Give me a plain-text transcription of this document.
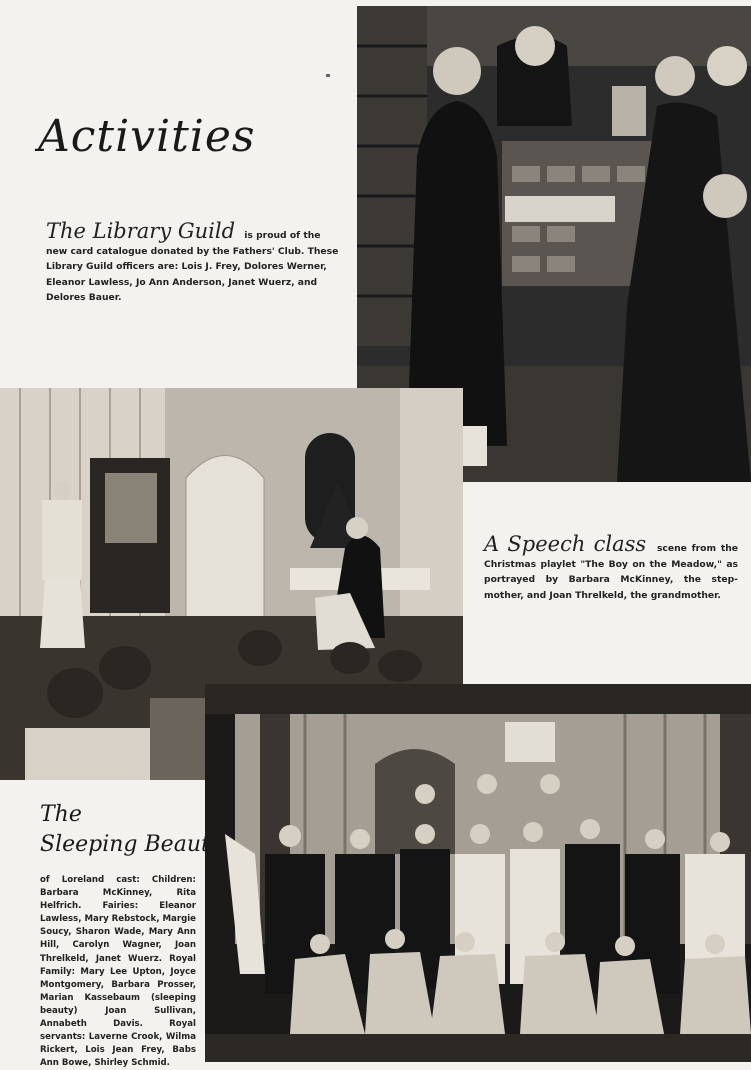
Activities
The Library Guild is proud of the new card catalogue donated by the Fathers' Club. These Library Guild officers are: Lois J. Frey, Dolores Werner, Eleanor Lawless, Jo Ann Anderson, Janet Wuerz, and Delores Bauer.
A Speech class scene from the Christmas playlet "The Boy on the Meadow," as portrayed by Barbara McKinney, the step-mother, and Joan Threlkeld, the grandmother.
The
Sleeping Beauty
of Loreland cast: Children: Barbara McKinney, Rita Helfrich. Fairies: Eleanor Lawless, Mary Rebstock, Margie Soucy, Sharon Wade, Mary Ann Hill, Carolyn Wagner, Joan Threlkeld, Janet Wuerz. Royal Family: Mary Lee Upton, Joyce Montgomery, Barbara Prosser, Marian Kassebaum (sleeping beauty) Joan Sullivan, Annabeth Davis. Royal servants: Laverne Crook, Wilma Rickert, Lois Jean Frey, Babs Ann Bowe, Shirley Schmid.
